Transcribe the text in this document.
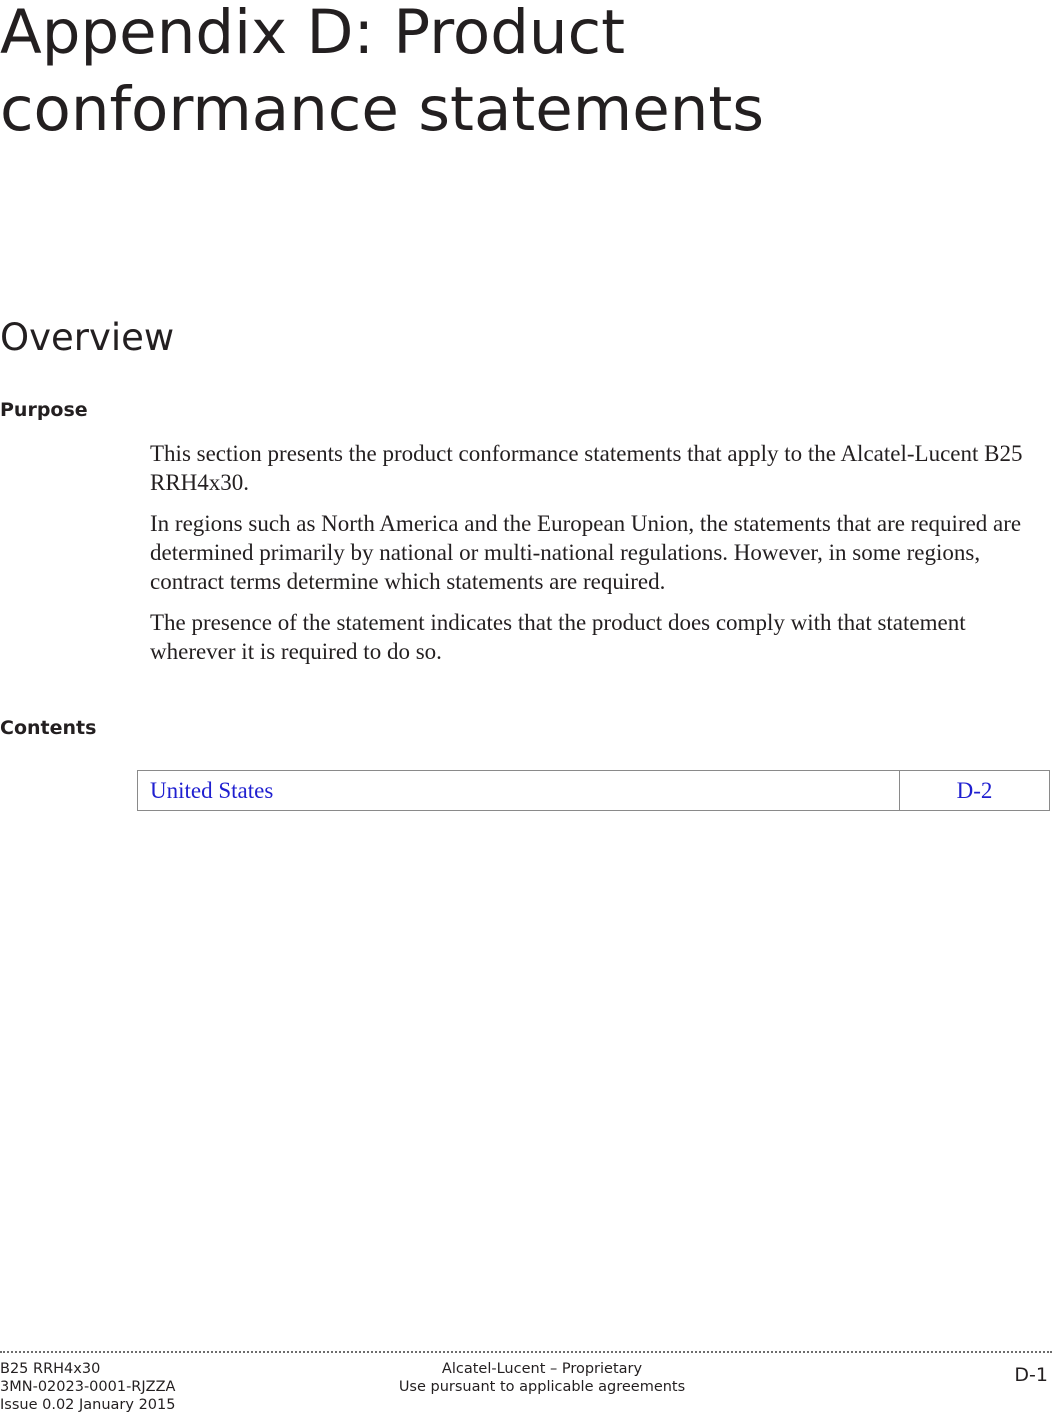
Appendix D: Product
conformance statements
Overview
Purpose

This section presents the product conformance statements that apply to the Alcatel-Lucent B25 RRH4x30.

In regions such as North America and the European Union, the statements that are required are determined primarily by national or multi-national regulations. However, in some regions, contract terms determine which statements are required.

The presence of the statement indicates that the product does comply with that statement wherever it is required to do so.

Contents
United States	D-2
B25 RRH4x30
3MN-02023-0001-RJZZA
Issue 0.02 January 2015
Alcatel-Lucent – Proprietary
Use pursuant to applicable agreements
D-1
